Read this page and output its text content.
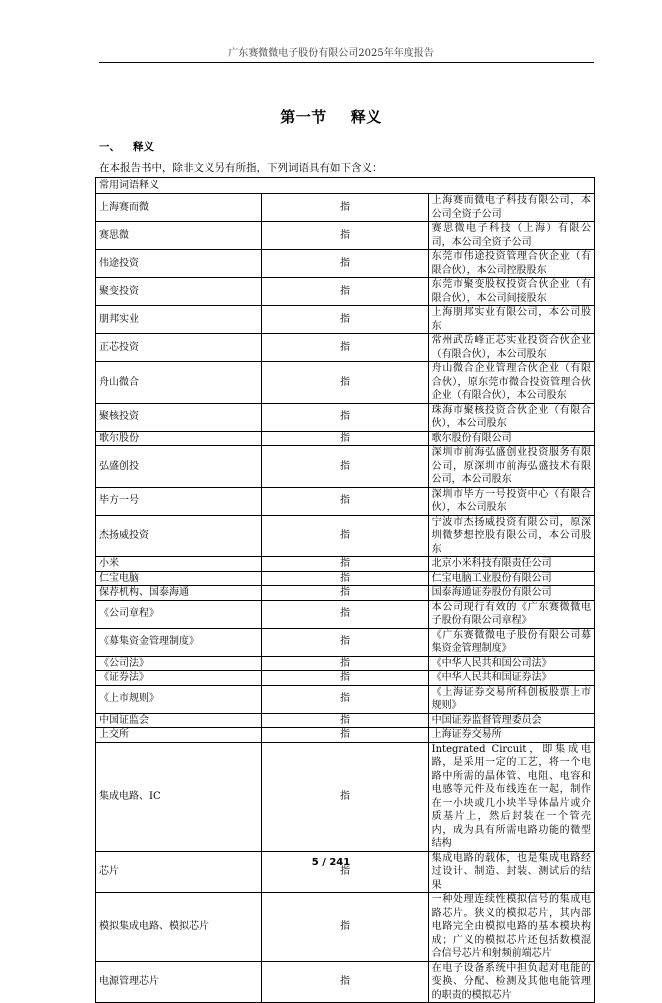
广东赛微微电子股份有限公司2025年年度报告
第一节 释义
一、 释义
在本报告书中，除非文义另有所指，下列词语具有如下含义：
常用词语释义		
上海赛而微	指	上海赛而微电子科技有限公司，本公司全资子公司
赛思微	指	赛思微电子科技（上海）有限公司，本公司全资子公司
伟途投资	指	东莞市伟途投资管理合伙企业（有限合伙），本公司控股股东
聚变投资	指	东莞市聚变股权投资合伙企业（有限合伙），本公司间接股东
朋邦实业	指	上海朋邦实业有限公司，本公司股东
正芯投资	指	常州武岳峰正芯实业投资合伙企业（有限合伙），本公司股东
舟山微合	指	舟山微合企业管理合伙企业（有限合伙），原东莞市微合投资管理合伙企业（有限合伙），本公司股东
聚核投资	指	珠海市聚核投资合伙企业（有限合伙），本公司股东
歌尔股份	指	歌尔股份有限公司
弘盛创投	指	深圳市前海弘盛创业投资服务有限公司，原深圳市前海弘盛技术有限公司，本公司股东
毕方一号	指	深圳市毕方一号投资中心（有限合伙），本公司股东
杰扬威投资	指	宁波市杰扬威投资有限公司，原深圳微梦想控股有限公司，本公司股东
小米	指	北京小米科技有限责任公司
仁宝电脑	指	仁宝电脑工业股份有限公司
保荐机构、国泰海通	指	国泰海通证券股份有限公司
《公司章程》	指	本公司现行有效的《广东赛微微电子股份有限公司章程》
《募集资金管理制度》	指	《广东赛微微电子股份有限公司募集资金管理制度》
《公司法》	指	《中华人民共和国公司法》
《证券法》	指	《中华人民共和国证券法》
《上市规则》	指	《上海证券交易所科创板股票上市规则》
中国证监会	指	中国证券监督管理委员会
上交所	指	上海证券交易所
集成电路、IC	指	Integrated Circuit，即集成电路，是采用一定的工艺，将一个电路中所需的晶体管、电阻、电容和电感等元件及布线连在一起，制作在一小块或几小块半导体晶片或介质基片上，然后封装在一个管壳内，成为具有所需电路功能的微型结构
芯片	指	集成电路的载体，也是集成电路经过设计、制造、封装、测试后的结果
模拟集成电路、模拟芯片	指	一种处理连续性模拟信号的集成电路芯片。狭义的模拟芯片，其内部电路完全由模拟电路的基本模块构成；广义的模拟芯片还包括数模混合信号芯片和射频前端芯片
电源管理芯片	指	在电子设备系统中担负起对电能的变换、分配、检测及其他电能管理的职责的模拟芯片
5 / 241
